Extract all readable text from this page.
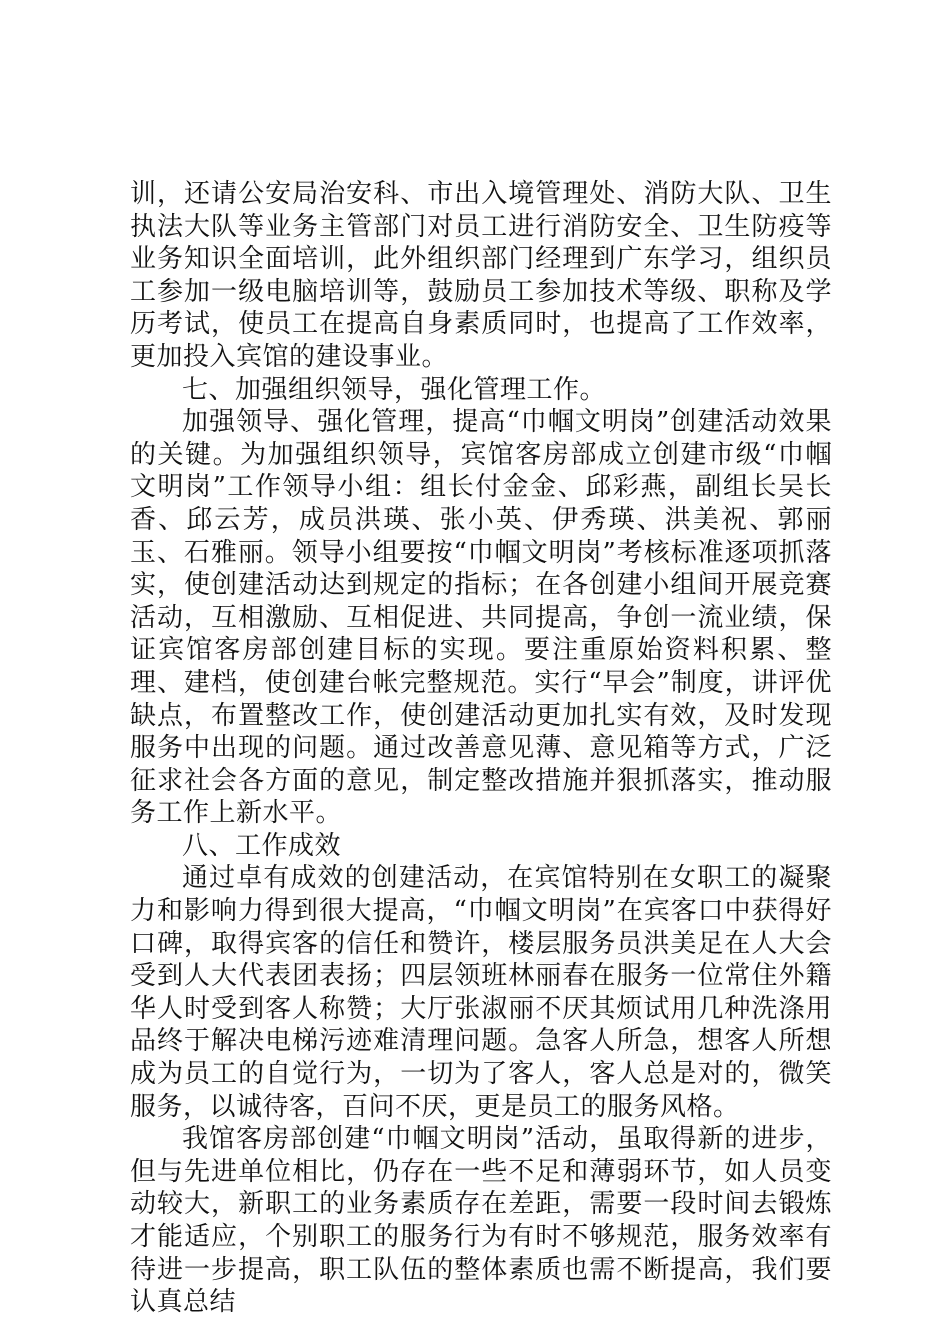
训，还请公安局治安科、市出入境管理处、消防大队、卫生执法大队等业务主管部门对员工进行消防安全、卫生防疫等业务知识全面培训，此外组织部门经理到广东学习，组织员工参加一级电脑培训等，鼓励员工参加技术等级、职称及学历考试，使员工在提高自身素质同时，也提高了工作效率，更加投入宾馆的建设事业。

七、加强组织领导，强化管理工作。

加强领导、强化管理，提高“巾帼文明岗”创建活动效果的关键。为加强组织领导，宾馆客房部成立创建市级“巾帼文明岗”工作领导小组：组长付金金、邱彩燕，副组长吴长香、邱云芳，成员洪瑛、张小英、伊秀瑛、洪美祝、郭丽玉、石雅丽。领导小组要按“巾帼文明岗”考核标准逐项抓落实，使创建活动达到规定的指标；在各创建小组间开展竞赛活动，互相激励、互相促进、共同提高，争创一流业绩，保证宾馆客房部创建目标的实现。要注重原始资料积累、整理、建档，使创建台帐完整规范。实行“早会”制度，讲评优缺点，布置整改工作，使创建活动更加扎实有效，及时发现服务中出现的问题。通过改善意见薄、意见箱等方式，广泛征求社会各方面的意见，制定整改措施并狠抓落实，推动服务工作上新水平。

八、工作成效

通过卓有成效的创建活动，在宾馆特别在女职工的凝聚力和影响力得到很大提高，“巾帼文明岗”在宾客口中获得好口碑，取得宾客的信任和赞许，楼层服务员洪美足在人大会受到人大代表团表扬；四层领班林丽春在服务一位常住外籍华人时受到客人称赞；大厅张淑丽不厌其烦试用几种洗涤用品终于解决电梯污迹难清理问题。急客人所急，想客人所想成为员工的自觉行为，一切为了客人，客人总是对的，微笑服务，以诚待客，百问不厌，更是员工的服务风格。

我馆客房部创建“巾帼文明岗”活动，虽取得新的进步，但与先进单位相比，仍存在一些不足和薄弱环节，如人员变动较大，新职工的业务素质存在差距，需要一段时间去锻炼才能适应，个别职工的服务行为有时不够规范，服务效率有待进一步提高，职工队伍的整体素质也需不断提高，我们要认真总结
